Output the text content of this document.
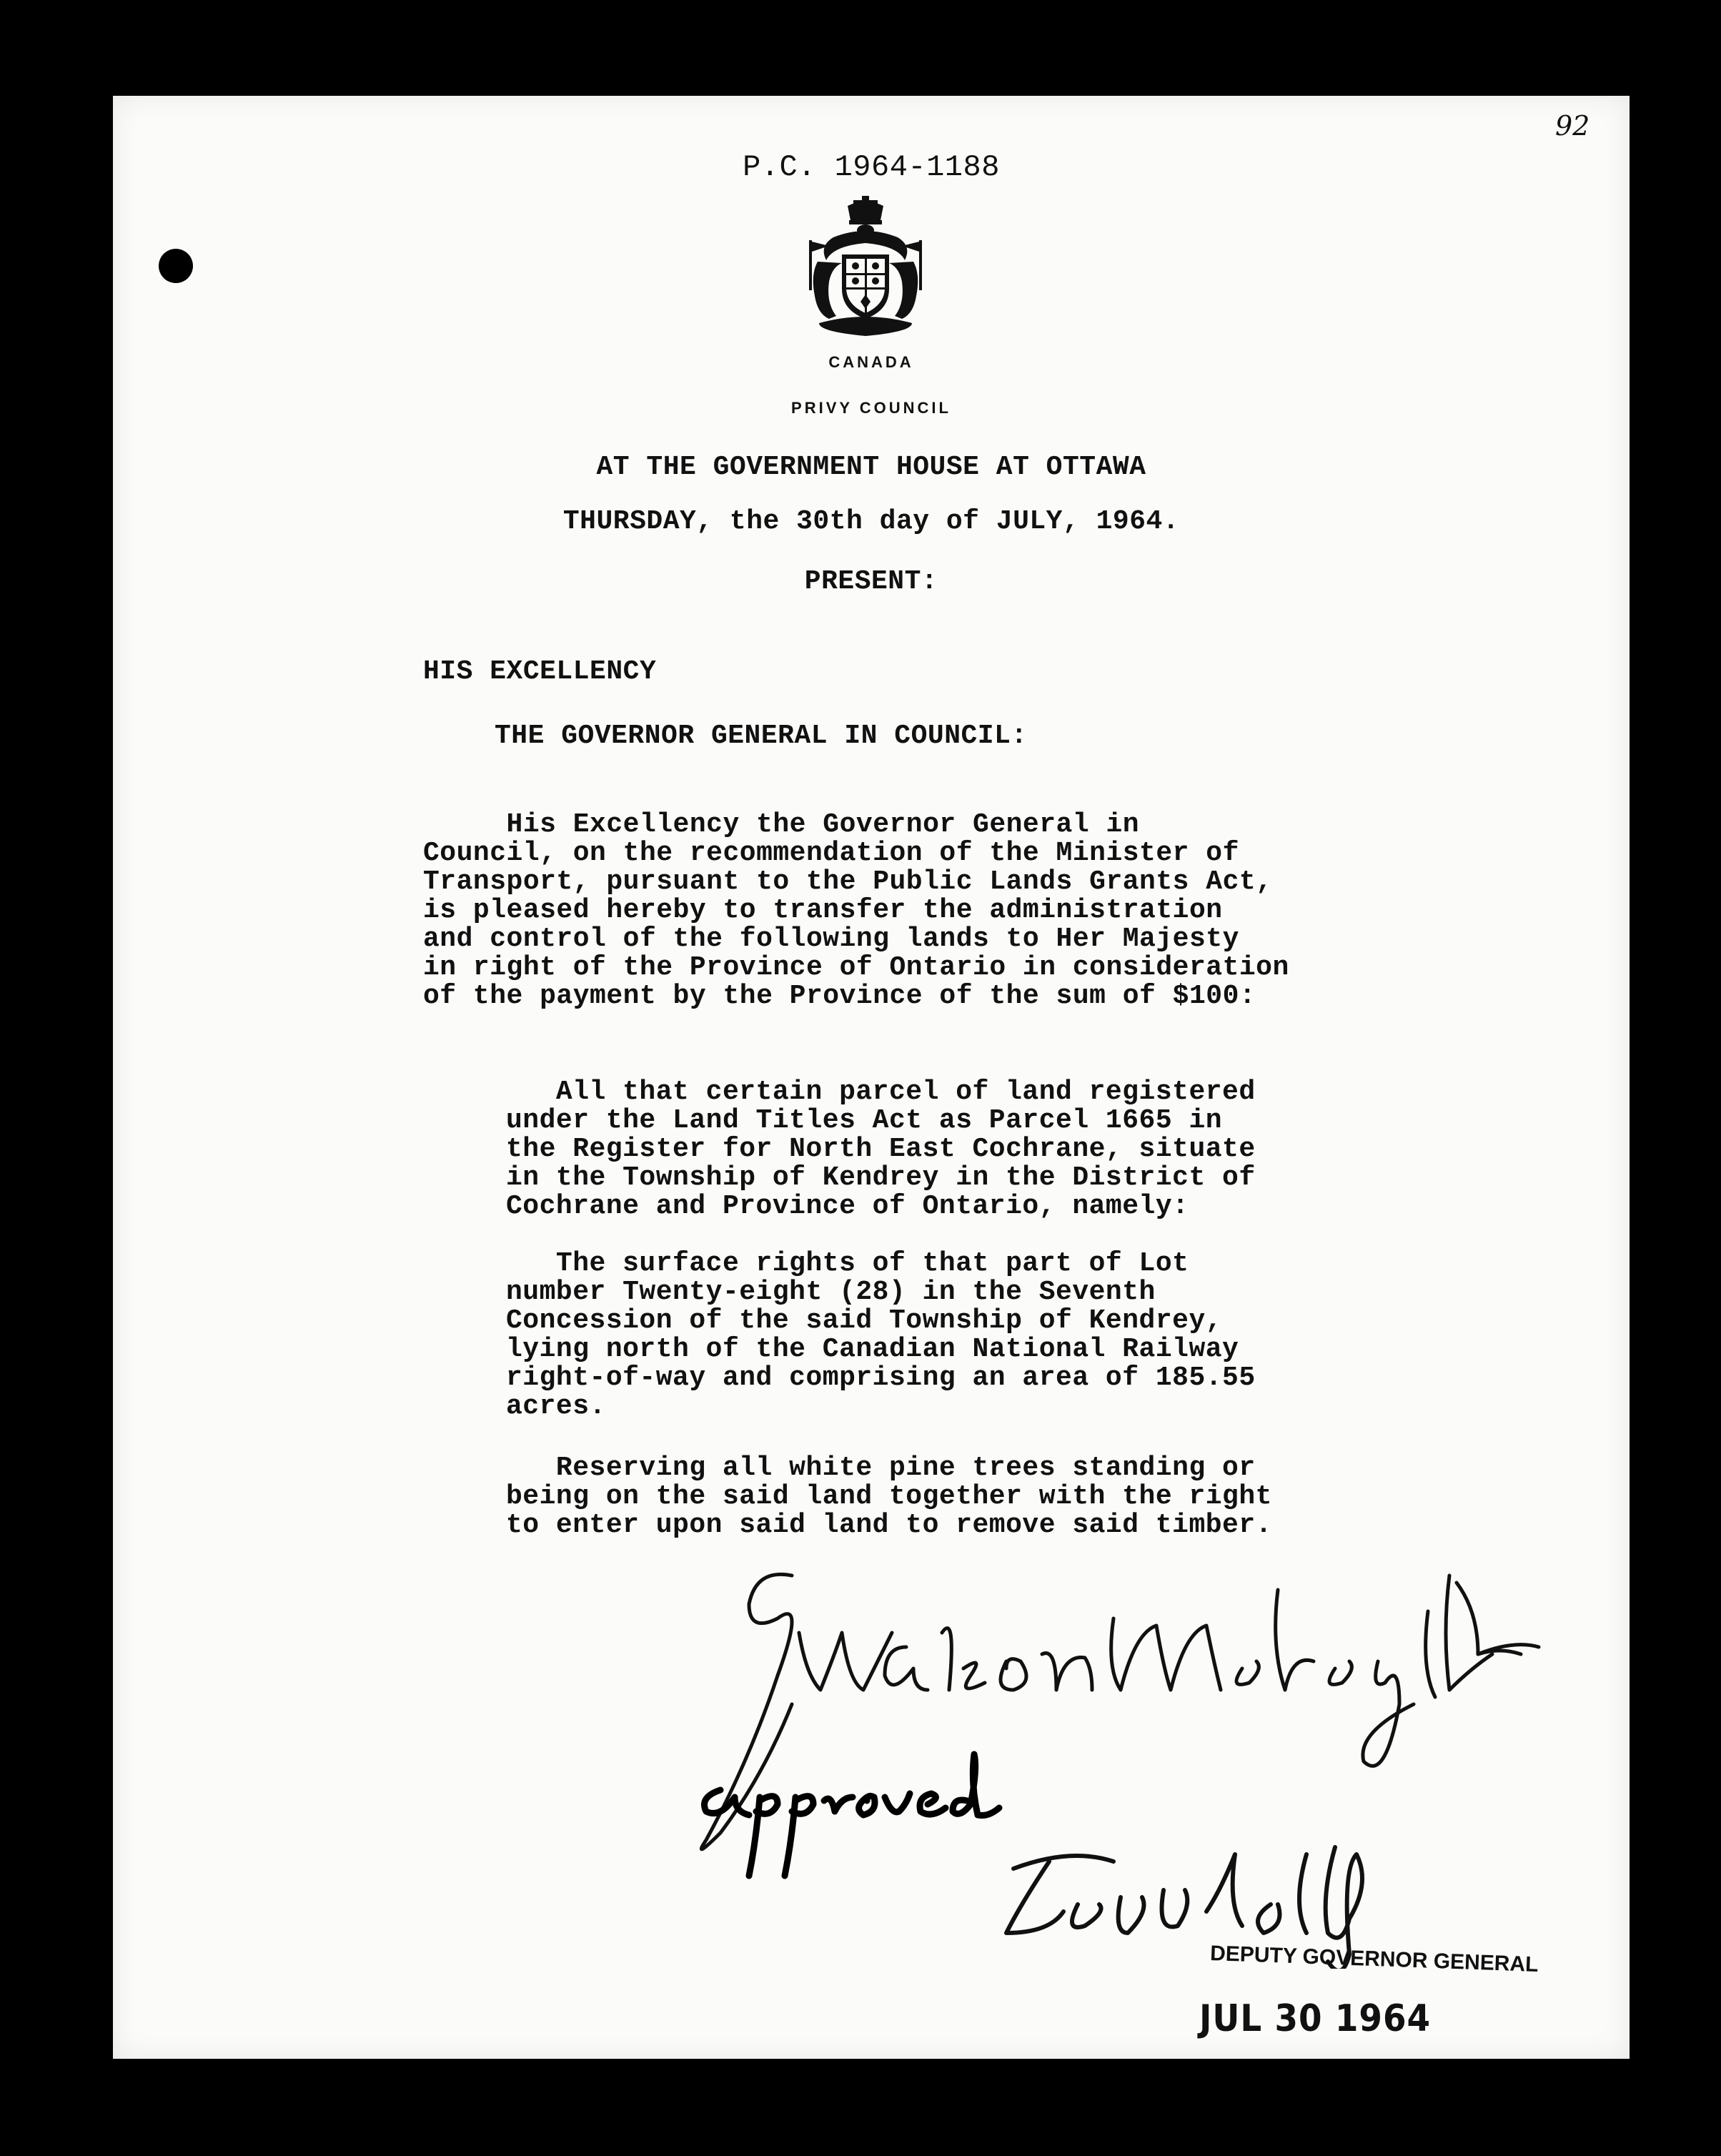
92

P.C. 1964-1188

CANADA

PRIVY COUNCIL

AT THE GOVERNMENT HOUSE AT OTTAWA

THURSDAY, the 30th day of JULY, 1964.

PRESENT:

HIS EXCELLENCY

THE GOVERNOR GENERAL IN COUNCIL:

His Excellency the Governor General in
Council, on the recommendation of the Minister of
Transport, pursuant to the Public Lands Grants Act,
is pleased hereby to transfer the administration
and control of the following lands to Her Majesty
in right of the Province of Ontario in consideration
of the payment by the Province of the sum of $100:
All that certain parcel of land registered
under the Land Titles Act as Parcel 1665 in
the Register for North East Cochrane, situate
in the Township of Kendrey in the District of
Cochrane and Province of Ontario, namely:
The surface rights of that part of Lot
number Twenty-eight (28) in the Seventh
Concession of the said Township of Kendrey,
lying north of the Canadian National Railway
right-of-way and comprising an area of 185.55
acres.
Reserving all white pine trees standing or
being on the said land together with the right
to enter upon said land to remove said timber.

DEPUTY GOVERNOR GENERAL

JUL 30 1964
